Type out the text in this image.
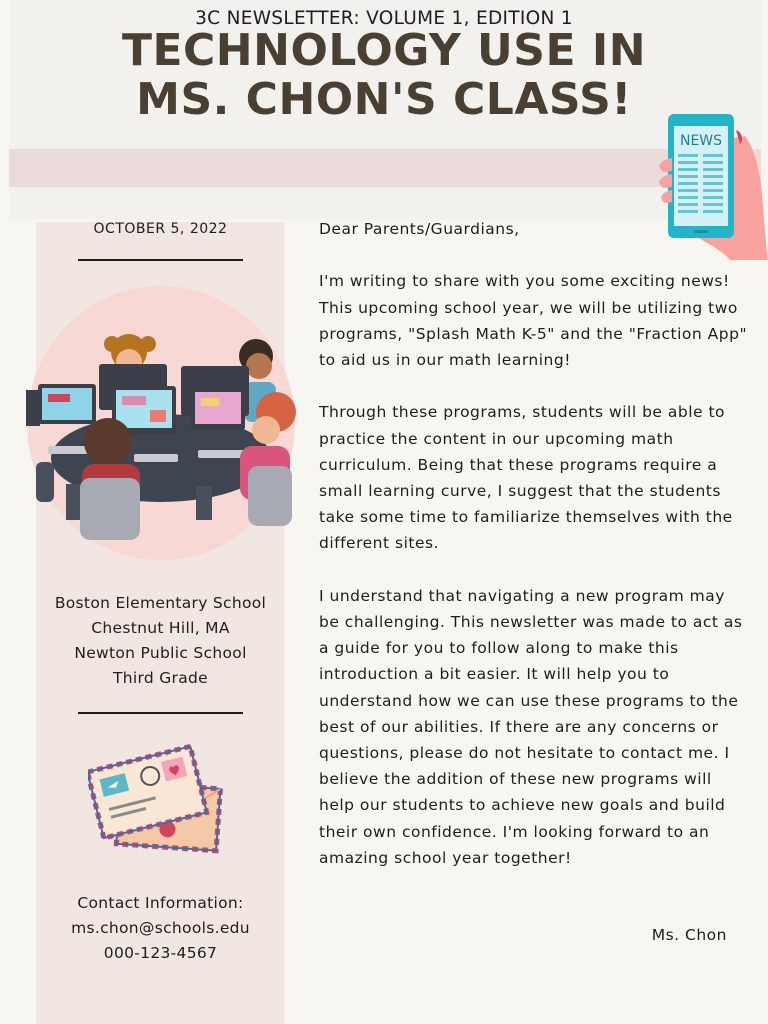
TECHNOLOGY USE IN
MS. CHON'S CLASS!
3C NEWSLETTER: VOLUME 1, EDITION 1
NEWS
OCTOBER 5, 2022
Boston Elementary School
Chestnut Hill, MA
Newton Public School
Third Grade
Contact Information:
ms.chon@schools.edu
000-123-4567

Dear Parents/Guardians,

I'm writing to share with you some exciting news! This upcoming school year, we will be utilizing two programs, "Splash Math K-5" and the "Fraction App" to aid us in our math learning!

Through these programs, students will be able to practice the content in our upcoming math curriculum. Being that these programs require a small learning curve, I suggest that the students take some time to familiarize themselves with the different sites.

I understand that navigating a new program may be challenging. This newsletter was made to act as a guide for you to follow along to make this introduction a bit easier. It will help you to understand how we can use these programs to the best of our abilities. If there are any concerns or questions, please do not hesitate to contact me. I believe the addition of these new programs will help our students to achieve new goals and build their own confidence. I'm looking forward to an amazing school year together!

Ms. Chon
